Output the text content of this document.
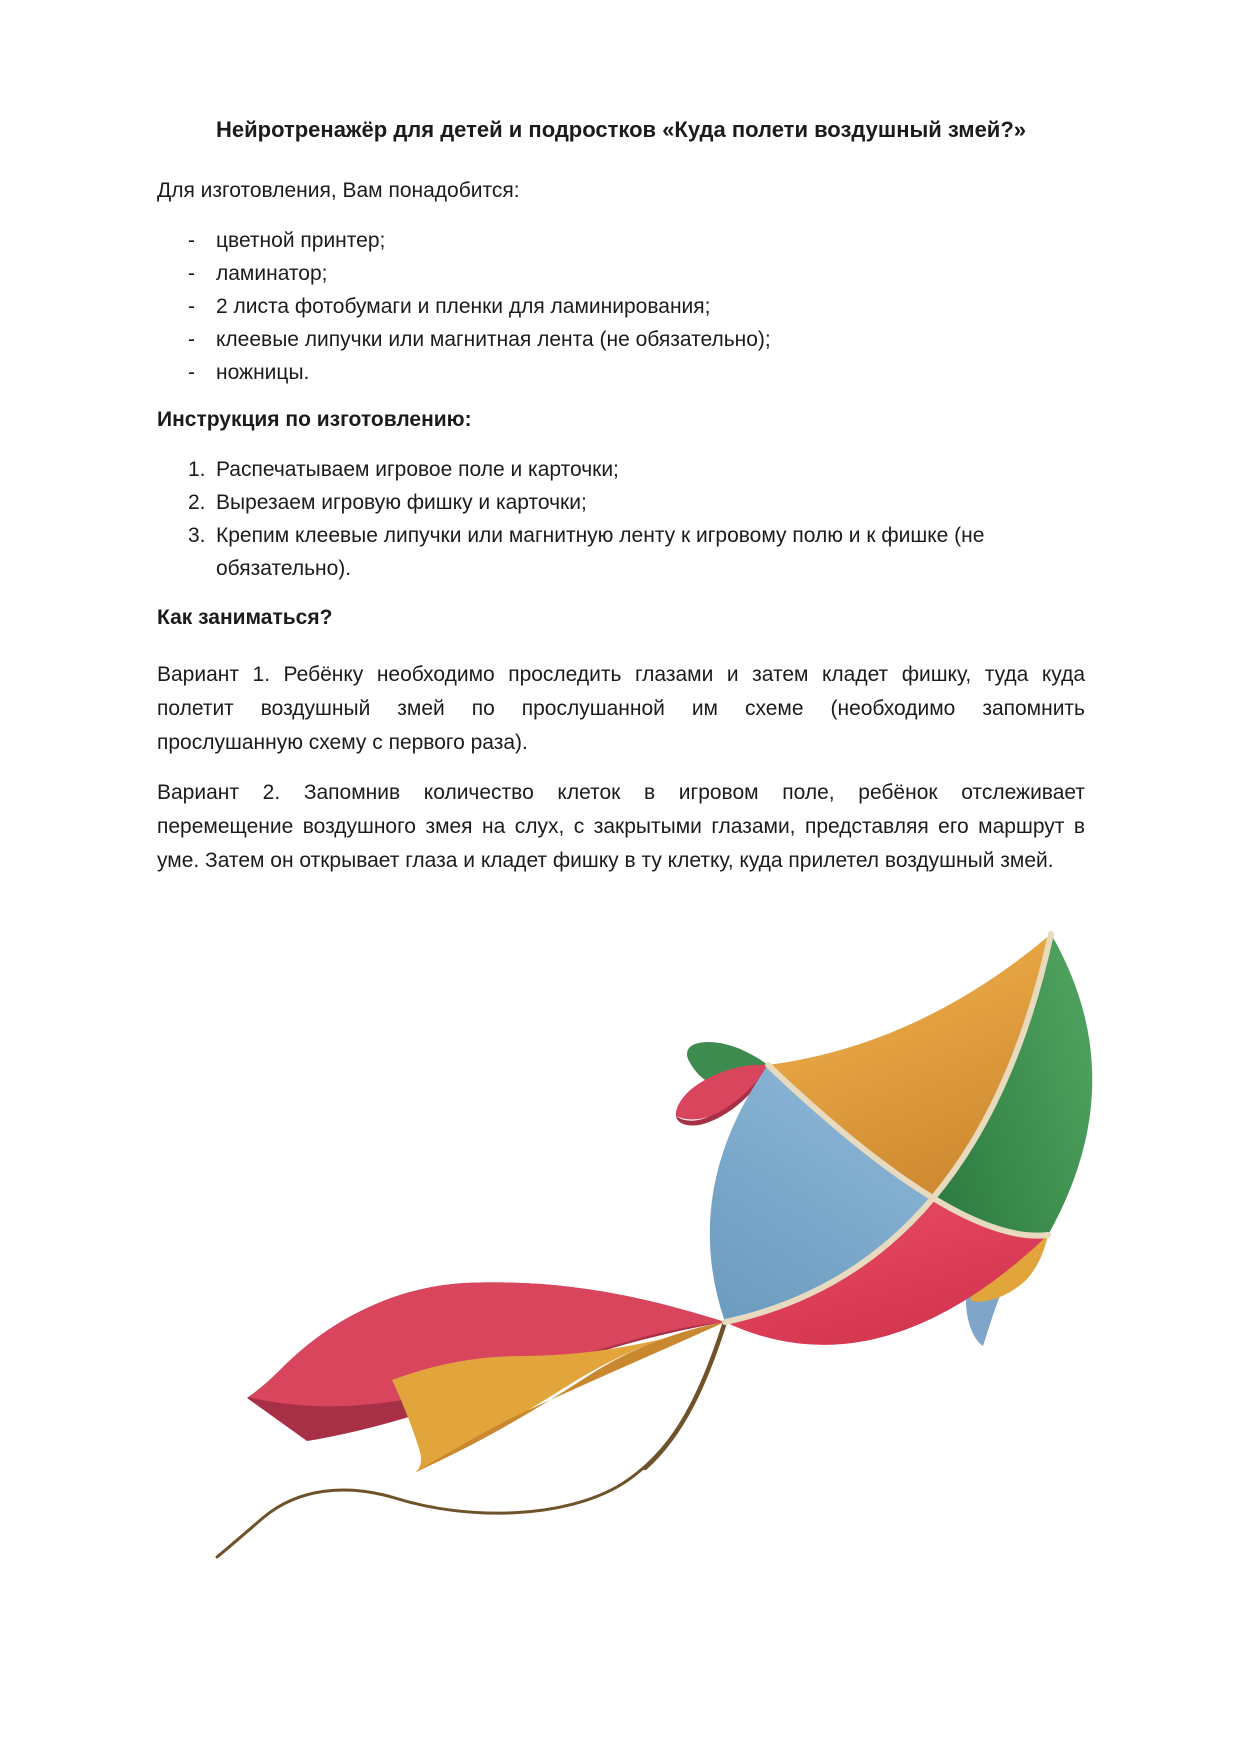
Нейротренажёр для детей и подростков «Куда полети воздушный змей?»
Для изготовления, Вам понадобится:
- цветной принтер;
- ламинатор;
- 2 листа фотобумаги и пленки для ламинирования;
- клеевые липучки или магнитная лента (не обязательно);
- ножницы.
Инструкция по изготовлению:
1. Распечатываем игровое поле и карточки;
2. Вырезаем игровую фишку и карточки;
3. Крепим клеевые липучки или магнитную ленту к игровому полю и к фишке (не обязательно).
Как заниматься?
Вариант 1. Ребёнку необходимо проследить глазами и затем кладет фишку, туда куда
полетит воздушный змей по прослушанной им схеме (необходимо запомнить
прослушанную схему с первого раза).
Вариант 2. Запомнив количество клеток в игровом поле, ребёнок отслеживает
перемещение воздушного змея на слух, с закрытыми глазами, представляя его маршрут в
уме. Затем он открывает глаза и кладет фишку в ту клетку, куда прилетел воздушный змей.
